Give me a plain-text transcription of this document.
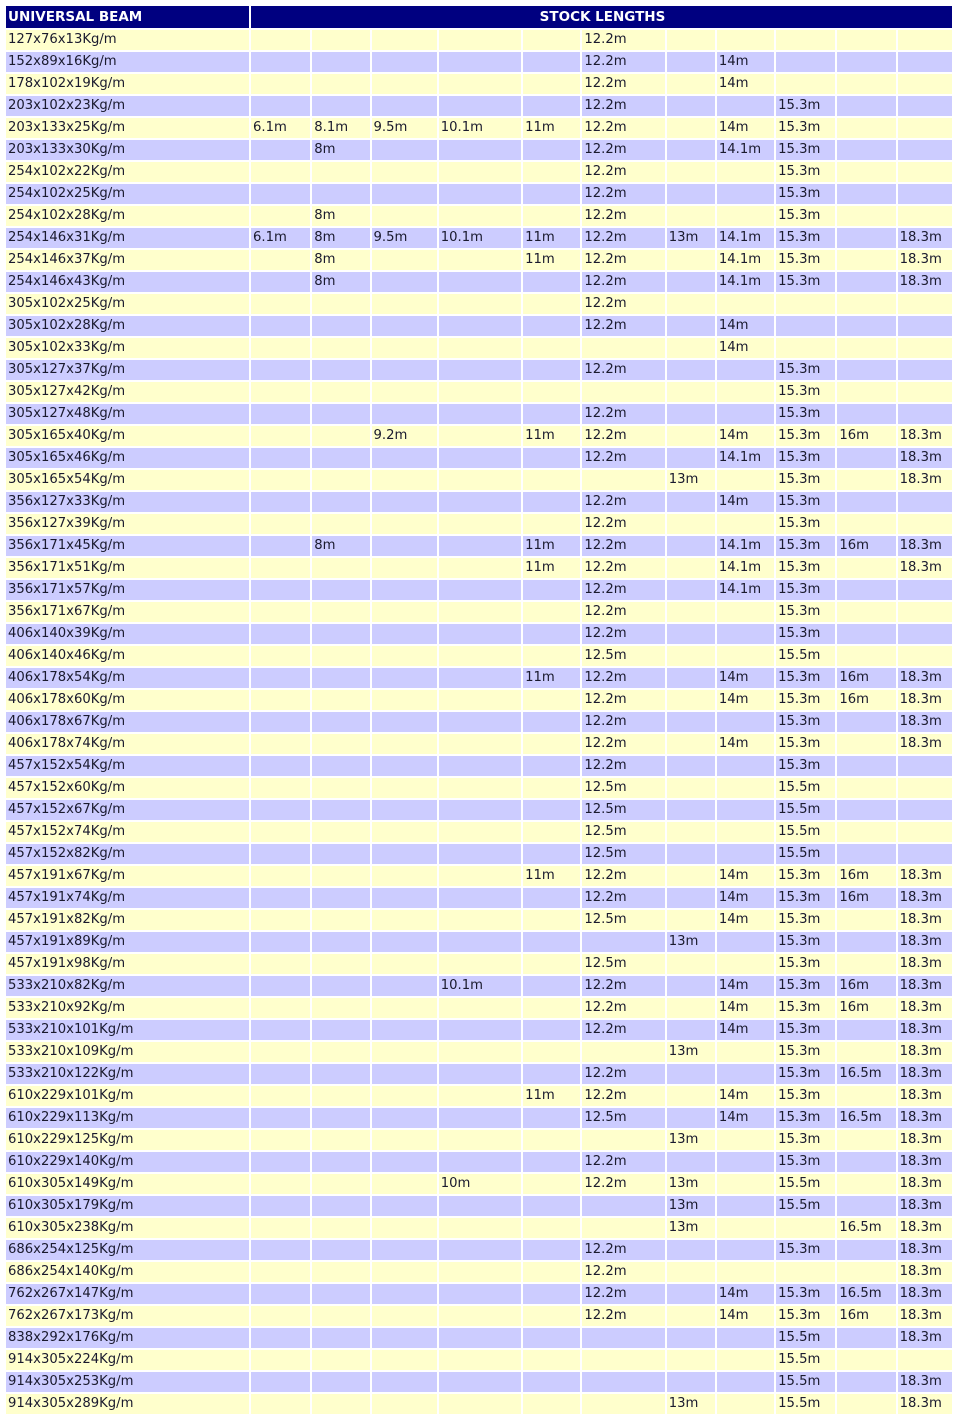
UNIVERSAL BEAM	STOCK LENGTHS										
127x76x13Kg/m						12.2m					
152x89x16Kg/m						12.2m		14m			
178x102x19Kg/m						12.2m		14m			
203x102x23Kg/m						12.2m			15.3m		
203x133x25Kg/m	6.1m	8.1m	9.5m	10.1m	11m	12.2m		14m	15.3m		
203x133x30Kg/m		8m				12.2m		14.1m	15.3m		
254x102x22Kg/m						12.2m			15.3m		
254x102x25Kg/m						12.2m			15.3m		
254x102x28Kg/m		8m				12.2m			15.3m		
254x146x31Kg/m	6.1m	8m	9.5m	10.1m	11m	12.2m	13m	14.1m	15.3m		18.3m
254x146x37Kg/m		8m			11m	12.2m		14.1m	15.3m		18.3m
254x146x43Kg/m		8m				12.2m		14.1m	15.3m		18.3m
305x102x25Kg/m						12.2m					
305x102x28Kg/m						12.2m		14m			
305x102x33Kg/m								14m			
305x127x37Kg/m						12.2m			15.3m		
305x127x42Kg/m									15.3m		
305x127x48Kg/m						12.2m			15.3m		
305x165x40Kg/m			9.2m		11m	12.2m		14m	15.3m	16m	18.3m
305x165x46Kg/m						12.2m		14.1m	15.3m		18.3m
305x165x54Kg/m							13m		15.3m		18.3m
356x127x33Kg/m						12.2m		14m	15.3m		
356x127x39Kg/m						12.2m			15.3m		
356x171x45Kg/m		8m			11m	12.2m		14.1m	15.3m	16m	18.3m
356x171x51Kg/m					11m	12.2m		14.1m	15.3m		18.3m
356x171x57Kg/m						12.2m		14.1m	15.3m		
356x171x67Kg/m						12.2m			15.3m		
406x140x39Kg/m						12.2m			15.3m		
406x140x46Kg/m						12.5m			15.5m		
406x178x54Kg/m					11m	12.2m		14m	15.3m	16m	18.3m
406x178x60Kg/m						12.2m		14m	15.3m	16m	18.3m
406x178x67Kg/m						12.2m			15.3m		18.3m
406x178x74Kg/m						12.2m		14m	15.3m		18.3m
457x152x54Kg/m						12.2m			15.3m		
457x152x60Kg/m						12.5m			15.5m		
457x152x67Kg/m						12.5m			15.5m		
457x152x74Kg/m						12.5m			15.5m		
457x152x82Kg/m						12.5m			15.5m		
457x191x67Kg/m					11m	12.2m		14m	15.3m	16m	18.3m
457x191x74Kg/m						12.2m		14m	15.3m	16m	18.3m
457x191x82Kg/m						12.5m		14m	15.3m		18.3m
457x191x89Kg/m							13m		15.3m		18.3m
457x191x98Kg/m						12.5m			15.3m		18.3m
533x210x82Kg/m				10.1m		12.2m		14m	15.3m	16m	18.3m
533x210x92Kg/m						12.2m		14m	15.3m	16m	18.3m
533x210x101Kg/m						12.2m		14m	15.3m		18.3m
533x210x109Kg/m							13m		15.3m		18.3m
533x210x122Kg/m						12.2m			15.3m	16.5m	18.3m
610x229x101Kg/m					11m	12.2m		14m	15.3m		18.3m
610x229x113Kg/m						12.5m		14m	15.3m	16.5m	18.3m
610x229x125Kg/m							13m		15.3m		18.3m
610x229x140Kg/m						12.2m			15.3m		18.3m
610x305x149Kg/m				10m		12.2m	13m		15.5m		18.3m
610x305x179Kg/m							13m		15.5m		18.3m
610x305x238Kg/m							13m			16.5m	18.3m
686x254x125Kg/m						12.2m			15.3m		18.3m
686x254x140Kg/m						12.2m					18.3m
762x267x147Kg/m						12.2m		14m	15.3m	16.5m	18.3m
762x267x173Kg/m						12.2m		14m	15.3m	16m	18.3m
838x292x176Kg/m									15.5m		18.3m
914x305x224Kg/m									15.5m		
914x305x253Kg/m									15.5m		18.3m
914x305x289Kg/m							13m		15.5m		18.3m
